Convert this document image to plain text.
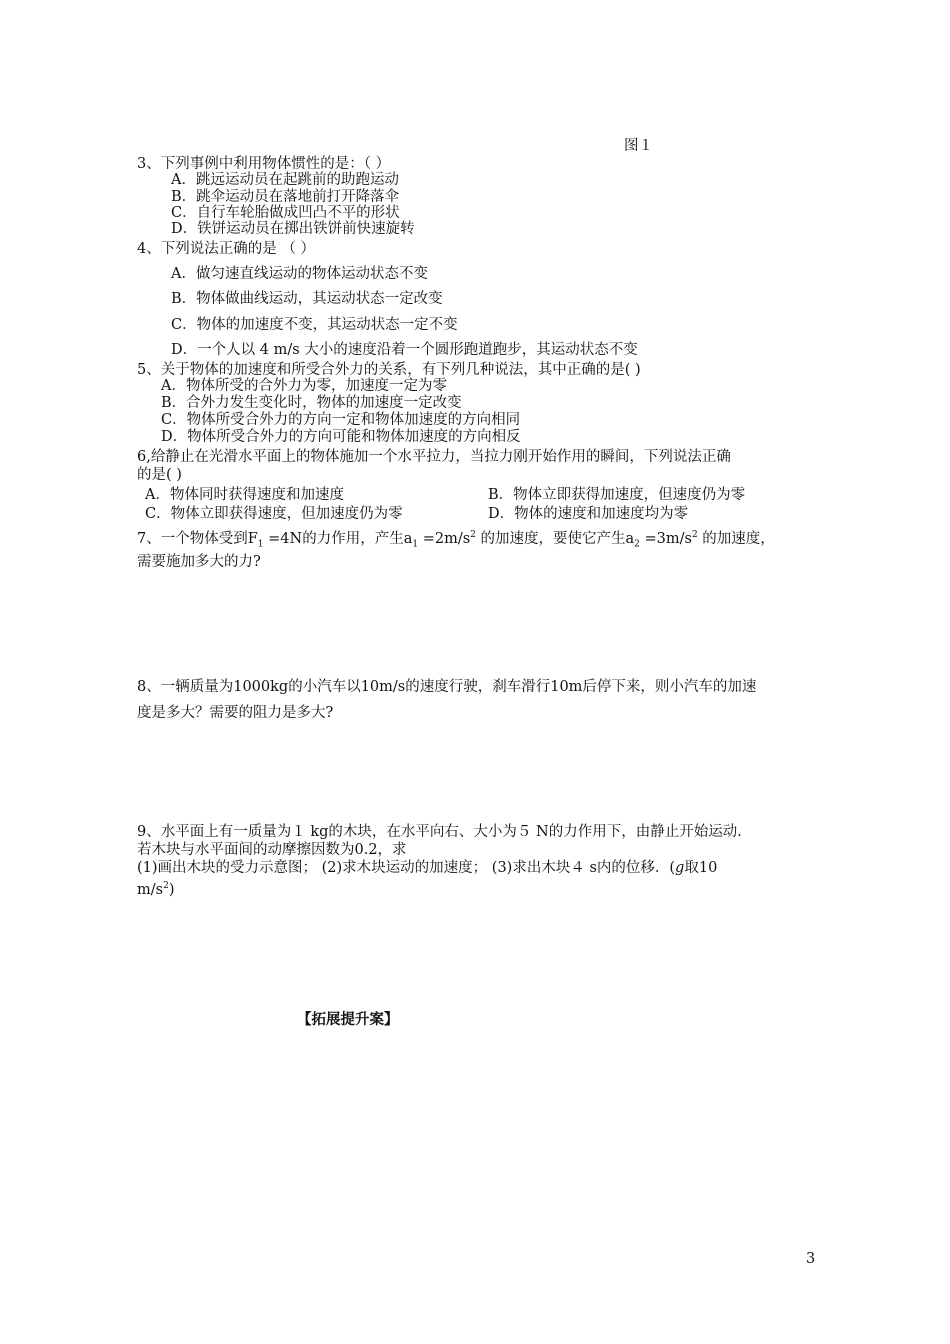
图１
3、下列事例中利用物体惯性的是：（ ）
A．跳远运动员在起跳前的助跑运动
B．跳伞运动员在落地前打开降落伞
C．自行车轮胎做成凹凸不平的形状
D．铁饼运动员在掷出铁饼前快速旋转
4、下列说法正确的是 （ ）
A．做匀速直线运动的物体运动状态不变
B．物体做曲线运动，其运动状态一定改变
C．物体的加速度不变，其运动状态一定不变
D．一个人以 4 m/s 大小的速度沿着一个圆形跑道跑步，其运动状态不变
5、关于物体的加速度和所受合外力的关系，有下列几种说法，其中正确的是( )
A．物体所受的合外力为零，加速度一定为零
B．合外力发生变化时，物体的加速度一定改变
C．物体所受合外力的方向一定和物体加速度的方向相同
D．物体所受合外力的方向可能和物体加速度的方向相反
6,给静止在光滑水平面上的物体施加一个水平拉力，当拉力刚开始作用的瞬间，下列说法正确
的是( )
A．物体同时获得速度和加速度	B．物体立即获得加速度，但速度仍为零
C．物体立即获得速度，但加速度仍为零	D．物体的速度和加速度均为零
7、一个物体受到$F_1 =4N$的力作用，产生$a_1 =2m/s^2$ 的加速度，要使它产生$a_2 =3m/s^2$ 的加速度，
需要施加多大的力?
8、一辆质量为1000kg的小汽车以10m/s的速度行驶，刹车滑行10m后停下来，则小汽车的加速
度是多大？需要的阻力是多大?
9、水平面上有一质量为１ kg的木块，在水平向右、大小为５ N的力作用下，由静止开始运动．
若木块与水平面间的动摩擦因数为0.2，求
(1)画出木块的受力示意图； (2)求木块运动的加速度； (3)求出木块４ s内的位移．(g取10
$m/s^2$)
【拓展提升案】
3
